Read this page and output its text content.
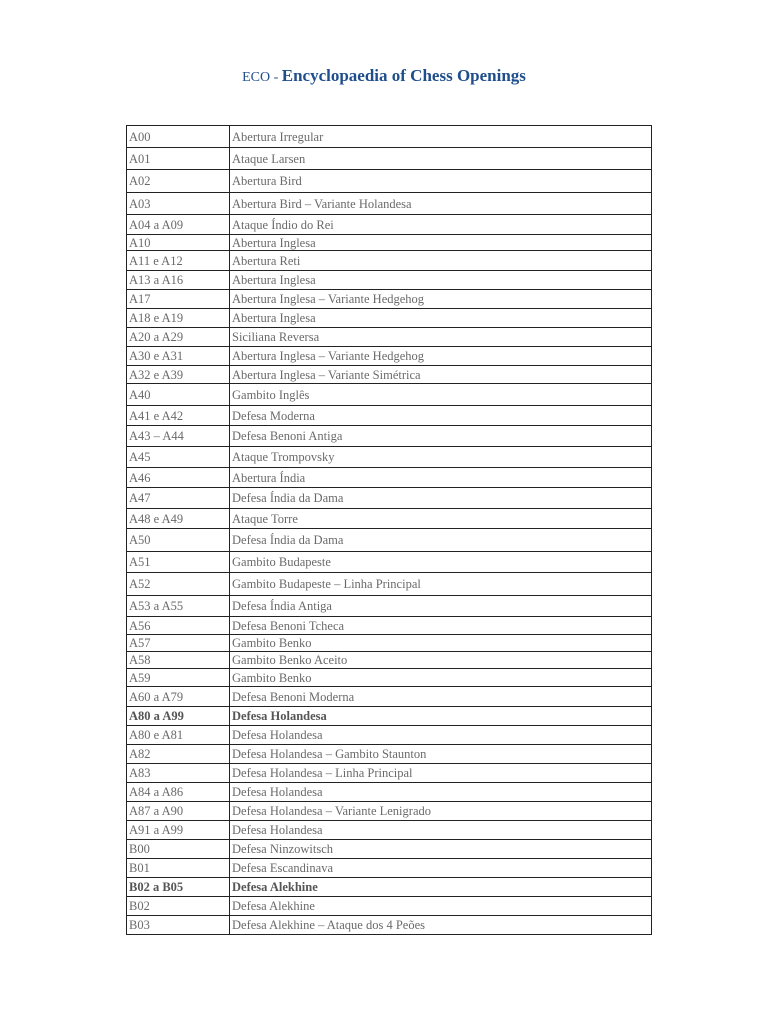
ECO - Encyclopaedia of Chess Openings
A00	Abertura Irregular
A01	Ataque Larsen
A02	Abertura Bird
A03	Abertura Bird – Variante Holandesa
A04 a A09	Ataque Índio do Rei
A10	Abertura Inglesa
A11 e A12	Abertura Reti
A13 a A16	Abertura Inglesa
A17	Abertura Inglesa – Variante Hedgehog
A18 e A19	Abertura Inglesa
A20 a A29	Siciliana Reversa
A30 e A31	Abertura Inglesa – Variante Hedgehog
A32 e A39	Abertura Inglesa – Variante Simétrica
A40	Gambito Inglês
A41 e A42	Defesa Moderna
A43 – A44	Defesa Benoni Antiga
A45	Ataque Trompovsky
A46	Abertura Índia
A47	Defesa Índia da Dama
A48 e A49	Ataque Torre
A50	Defesa Índia da Dama
A51	Gambito Budapeste
A52	Gambito Budapeste – Linha Principal
A53 a A55	Defesa Índia Antiga
A56	Defesa Benoni Tcheca
A57	Gambito Benko
A58	Gambito Benko Aceito
A59	Gambito Benko
A60 a A79	Defesa Benoni Moderna
A80 a A99	Defesa Holandesa
A80 e A81	Defesa Holandesa
A82	Defesa Holandesa – Gambito Staunton
A83	Defesa Holandesa – Linha Principal
A84 a A86	Defesa Holandesa
A87 a A90	Defesa Holandesa – Variante Lenigrado
A91 a A99	Defesa Holandesa
B00	Defesa Ninzowitsch
B01	Defesa Escandinava
B02 a B05	Defesa Alekhine
B02	Defesa Alekhine
B03	Defesa Alekhine – Ataque dos 4 Peões
